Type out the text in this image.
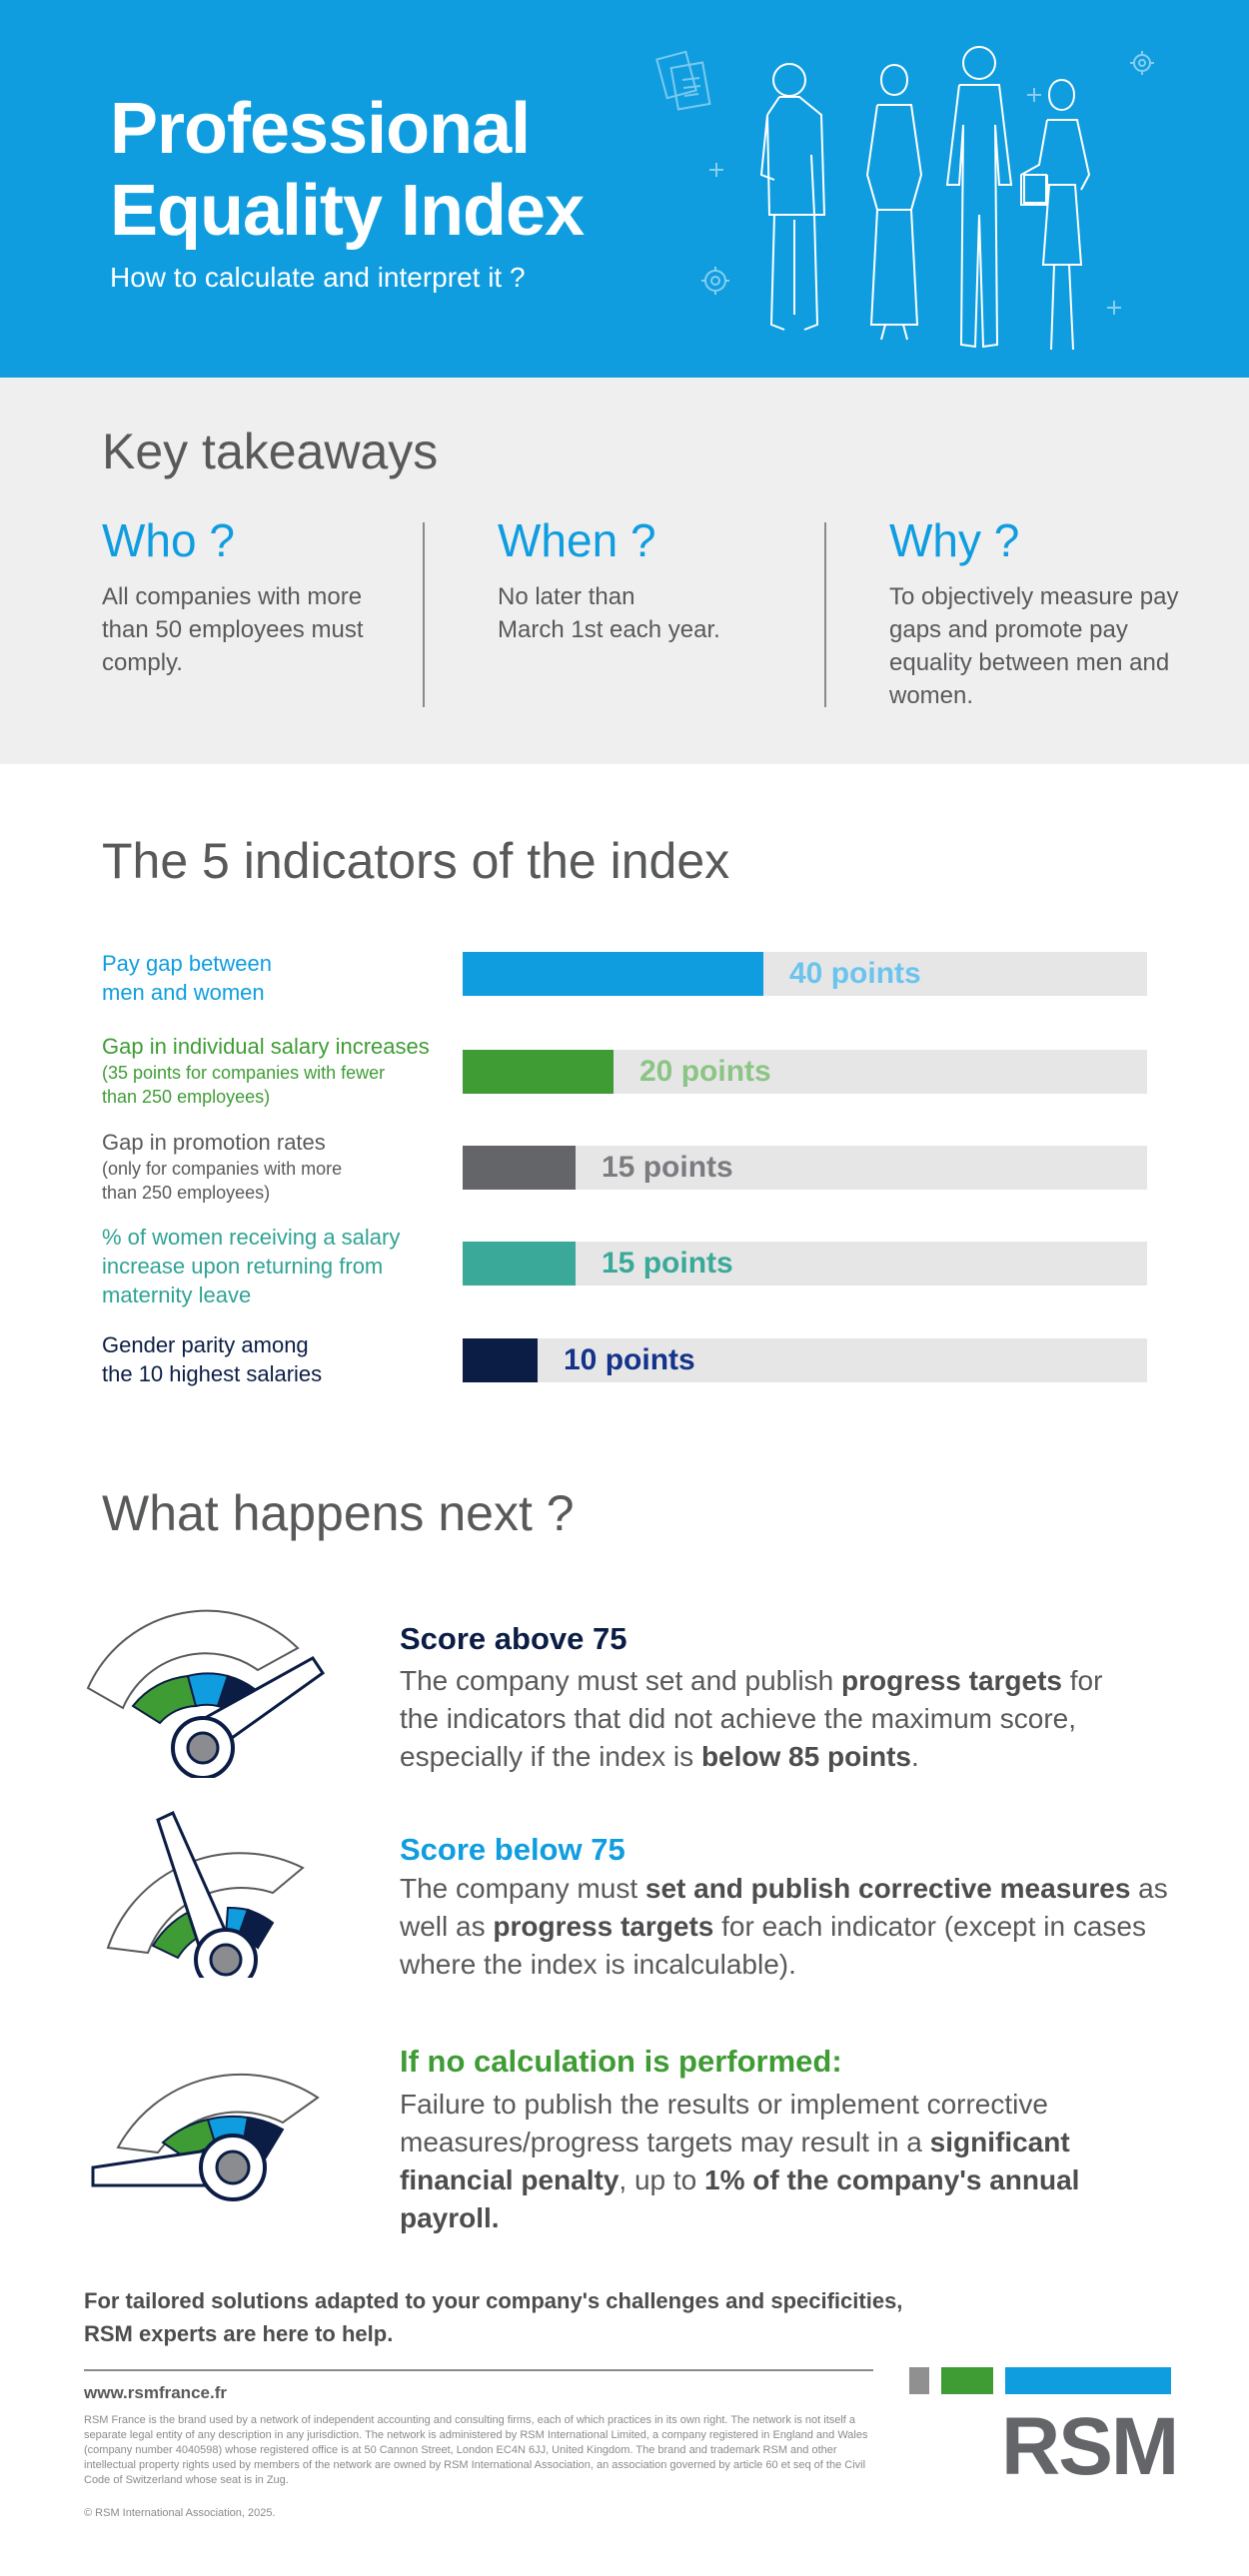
Professional
Equality Index
How to calculate and interpret it ?
Key takeaways
Who ?
All companies with more
than 50 employees must
comply.
When ?
No later than
March 1st each year.
Why ?
To objectively measure pay
gaps and promote pay
equality between men and
women.
The 5 indicators of the index
Pay gap between
men and women
40 points
Gap in individual salary increases
(35 points for companies with fewer
than 250 employees)
20 points
Gap in promotion rates
(only for companies with more
than 250 employees)
15 points
% of women receiving a salary
increase upon returning from
maternity leave
15 points
Gender parity among
the 10 highest salaries	10 points
What happens next ?
Score above 75
The company must set and publish progress targets for
the indicators that did not achieve the maximum score,
especially if the index is below 85 points.
Score below 75
The company must set and publish corrective measures as
well as progress targets for each indicator (except in cases
where the index is incalculable).
If no calculation is performed:
Failure to publish the results or implement corrective
measures/progress targets may result in a significant
financial penalty, up to 1% of the company's annual payroll.
For tailored solutions adapted to your company's challenges and specificities,
RSM experts are here to help.
www.rsmfrance.fr
RSM France is the brand used by a network of independent accounting and consulting firms, each of which practices in its own right. The network is not itself a separate legal entity of any description in any jurisdiction. The network is administered by RSM International Limited, a company registered in England and Wales (company number 4040598) whose registered office is at 50 Cannon Street, London EC4N 6JJ, United Kingdom. The brand and trademark RSM and other intellectual property rights used by members of the network are owned by RSM International Association, an association governed by article 60 et seq of the Civil Code of Switzerland whose seat is in Zug.
© RSM International Association, 2025.
RSM
